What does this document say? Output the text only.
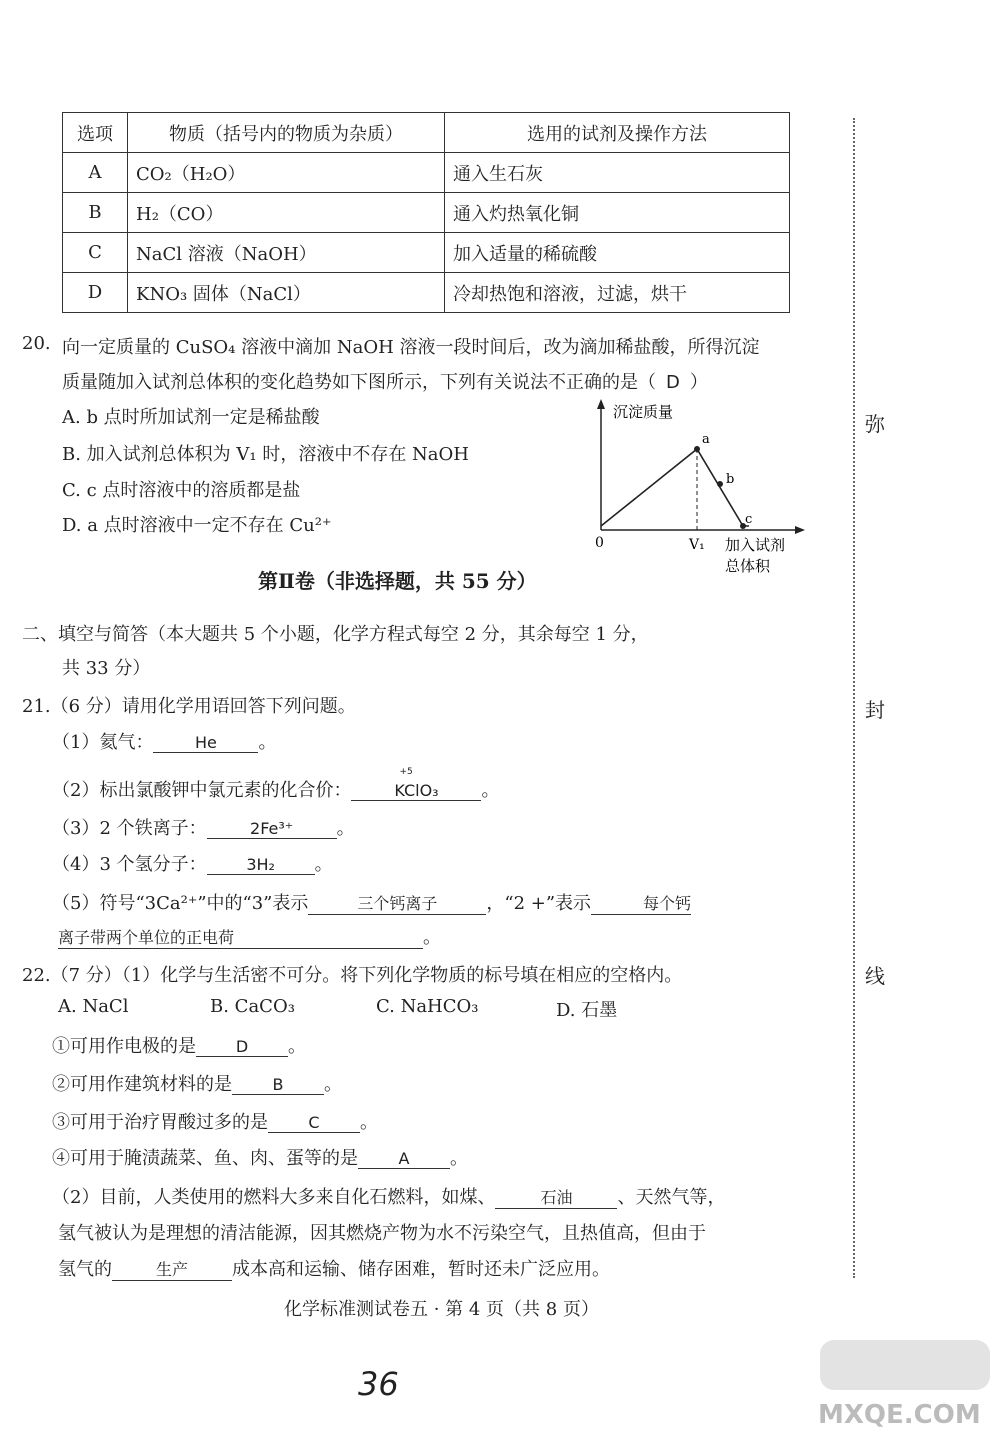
选项	物质（括号内的物质为杂质）	选用的试剂及操作方法
A	CO₂（H₂O）	通入生石灰
B	H₂（CO）	通入灼热氧化铜
C	NaCl 溶液（NaOH）	加入适量的稀硫酸
D	KNO₃ 固体（NaCl）	冷却热饱和溶液，过滤，烘干
20. 向一定质量的 CuSO₄ 溶液中滴加 NaOH 溶液一段时间后，改为滴加稀盐酸，所得沉淀
质量随加入试剂总体积的变化趋势如下图所示，下列有关说法不正确的是（ D ）
A. b 点时所加试剂一定是稀盐酸
B. 加入试剂总体积为 V₁ 时，溶液中不存在 NaOH
C. c 点时溶液中的溶质都是盐
D. a 点时溶液中一定不存在 Cu²⁺
沉淀质量
a
b
c
0	V₁ 加入试剂
总体积
第Ⅱ卷（非选择题，共 55 分）
二、填空与简答（本大题共 5 个小题，化学方程式每空 2 分，其余每空 1 分，
共 33 分）
21.（6 分）请用化学用语回答下列问题。
（1）氦气：	He 。
（2）标出氯酸钾中氯元素的化合价：
+5
KClO₃ 。
（3）2 个铁离子：	2Fe³⁺ 。
（4）3 个氢分子： 3H₂ 。
（5）符号“3Ca²⁺”中的“3”表示	三个钙离子	，“2 +”表示	每个钙
离子带两个单位的正电荷	。
22.（7 分）（1）化学与生活密不可分。将下列化学物质的标号填在相应的空格内。
A. NaCl	B. CaCO₃	C. NaHCO₃	D. 石墨
①可用作电极的是 D 。
②可用作建筑材料的是	B 。
③可用于治疗胃酸过多的是	C 。
④可用于腌渍蔬菜、鱼、肉、蛋等的是	A 。
（2）目前，人类使用的燃料大多来自化石燃料，如煤、	石油	、天然气等，
氢气被认为是理想的清洁能源，因其燃烧产物为水不污染空气，且热值高，但由于
氢气的	生产 成本高和运输、储存困难，暂时还未广泛应用。
化学标准测试卷五 · 第 4 页（共 8 页）
36
弥
封
线
MXQE.COM
